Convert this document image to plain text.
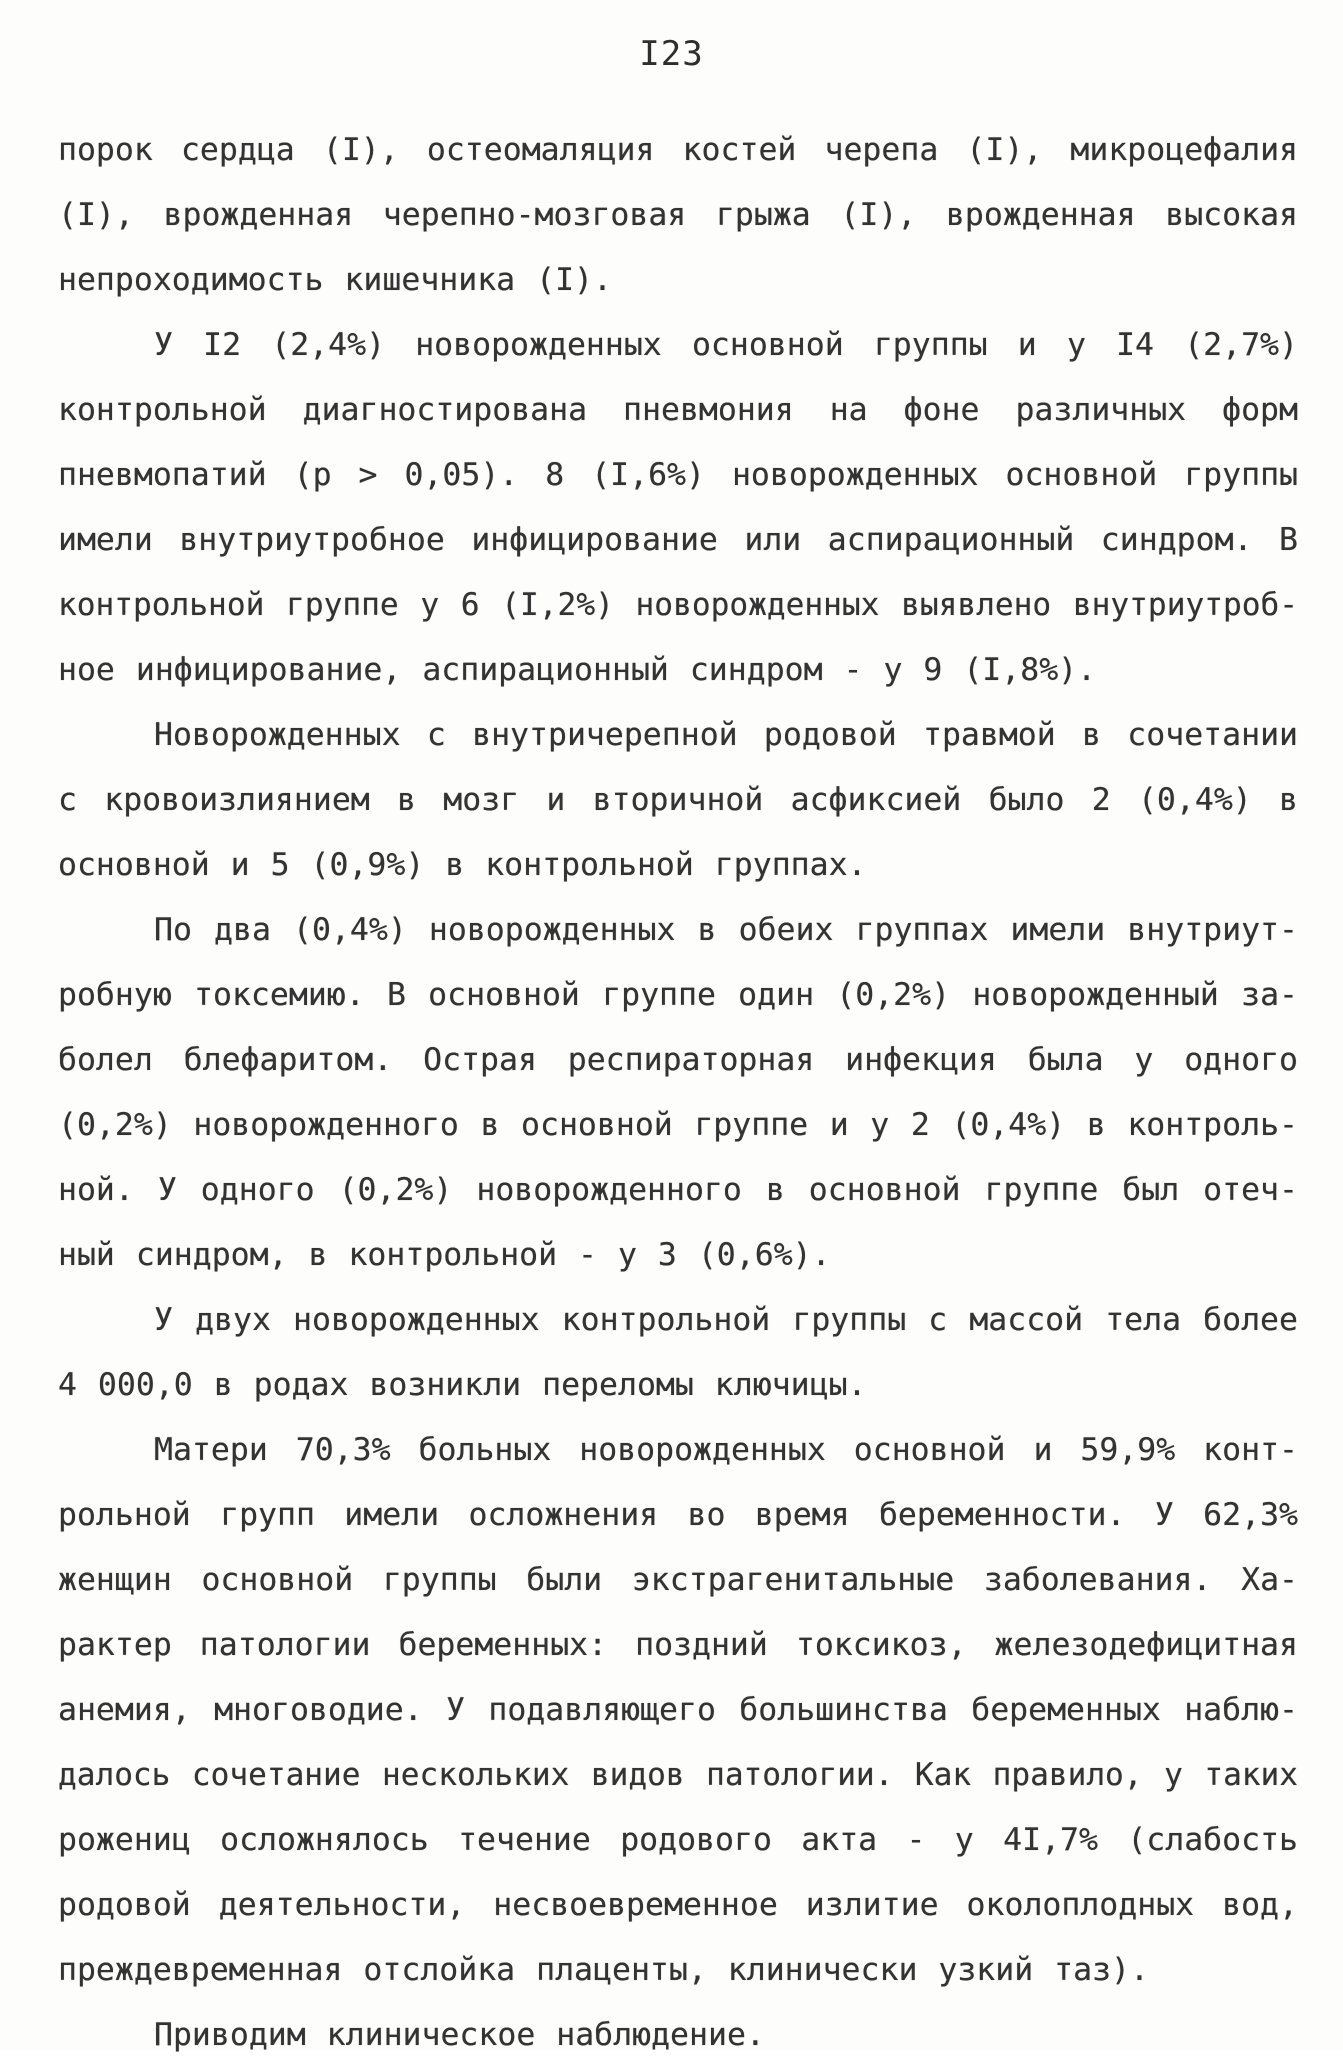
I23
порок сердца (I), остеомаляция костей черепа (I), микроцефалия
(I), врожденная черепно-мозговая грыжа (I), врожденная высокая
непроходимость кишечника (I).
У I2 (2,4%) новорожденных основной группы и у I4 (2,7%)
контрольной диагностирована пневмония на фоне различных форм
пневмопатий (p > 0,05). 8 (I,6%) новорожденных основной группы
имели внутриутробное инфицирование или аспирационный синдром. В
контрольной группе у 6 (I,2%) новорожденных выявлено внутриутроб-
ное инфицирование, аспирационный синдром - у 9 (I,8%).
Новорожденных с внутричерепной родовой травмой в сочетании
с кровоизлиянием в мозг и вторичной асфиксией было 2 (0,4%) в
основной и 5 (0,9%) в контрольной группах.
По два (0,4%) новорожденных в обеих группах имели внутриут-
робную токсемию. В основной группе один (0,2%) новорожденный за-
болел блефаритом. Острая респираторная инфекция была у одного
(0,2%) новорожденного в основной группе и у 2 (0,4%) в контроль-
ной. У одного (0,2%) новорожденного в основной группе был отеч-
ный синдром, в контрольной - у 3 (0,6%).
У двух новорожденных контрольной группы с массой тела более
4 000,0 в родах возникли переломы ключицы.
Матери 70,3% больных новорожденных основной и 59,9% конт-
рольной групп имели осложнения во время беременности. У 62,3%
женщин основной группы были экстрагенитальные заболевания. Ха-
рактер патологии беременных: поздний токсикоз, железодефицитная
анемия, многоводие. У подавляющего большинства беременных наблю-
далось сочетание нескольких видов патологии. Как правило, у таких
рожениц осложнялось течение родового акта - у 4I,7% (слабость
родовой деятельности, несвоевременное излитие околоплодных вод,
преждевременная отслойка плаценты, клинически узкий таз).
Приводим клиническое наблюдение.
